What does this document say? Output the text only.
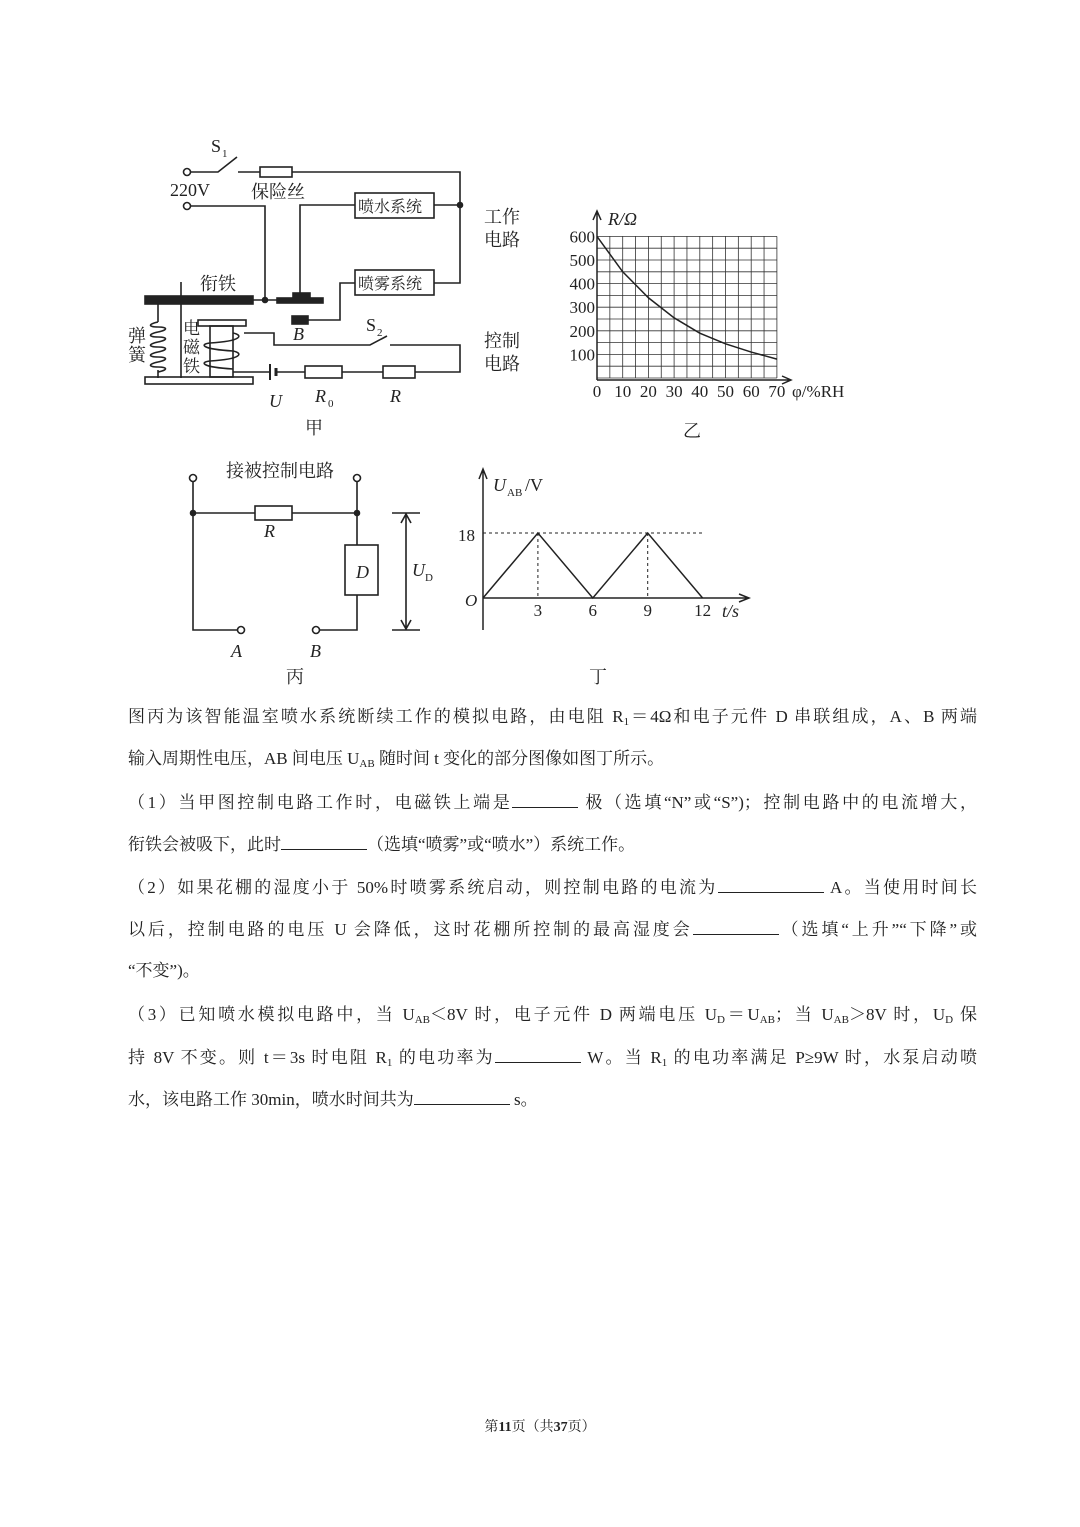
S 1
220V 保险丝
喷水系统
喷雾系统
工作
电路
衔铁
弹
簧
电
磁
铁
B	S 2	控制
电路
U R 0	R
甲
R/Ω
600
500
400
300
200
100
0 10 20 30 40 50 60 70 φ/%RH
乙
接被控制电路
R
D U D
A	B
丙
U AB /V
18
O
3	6	9 12 t/s
丁
图丙为该智能温室喷水系统断续工作的模拟电路，由电阻 $R_1=4\Omega$和电子元件 D 串联组成，A、B 两端
输入周期性电压，AB 间电压 $U_{AB}$ 随时间 t 变化的部分图像如图丁所示。
（1）当甲图控制电路工作时，电磁铁上端是	极（选填“N”或“S”)；控制电路中的电流增大，
衔铁会被吸下，此时	（选填“喷雾”或“喷水”）系统工作。
（2）如果花棚的湿度小于 50%时喷雾系统启动，则控制电路的电流为	A。当使用时间长
以后，控制电路的电压 U 会降低，这时花棚所控制的最高湿度会	（选填“上升”“下降”或
“不变”)。
（3）已知喷水模拟电路中，当 $U_{AB}<8V$ 时，电子元件 D 两端电压 $U_D=U_{AB}$；当 $U_{AB}>8V$ 时，$U_D$ 保
持 8V 不变。则 t＝3s 时电阻 $R_1$ 的电功率为	W。当 $R_1$ 的电功率满足 P≥9W 时，水泵启动喷
水，该电路工作 30min，喷水时间共为	s。
第11页（共37页）
